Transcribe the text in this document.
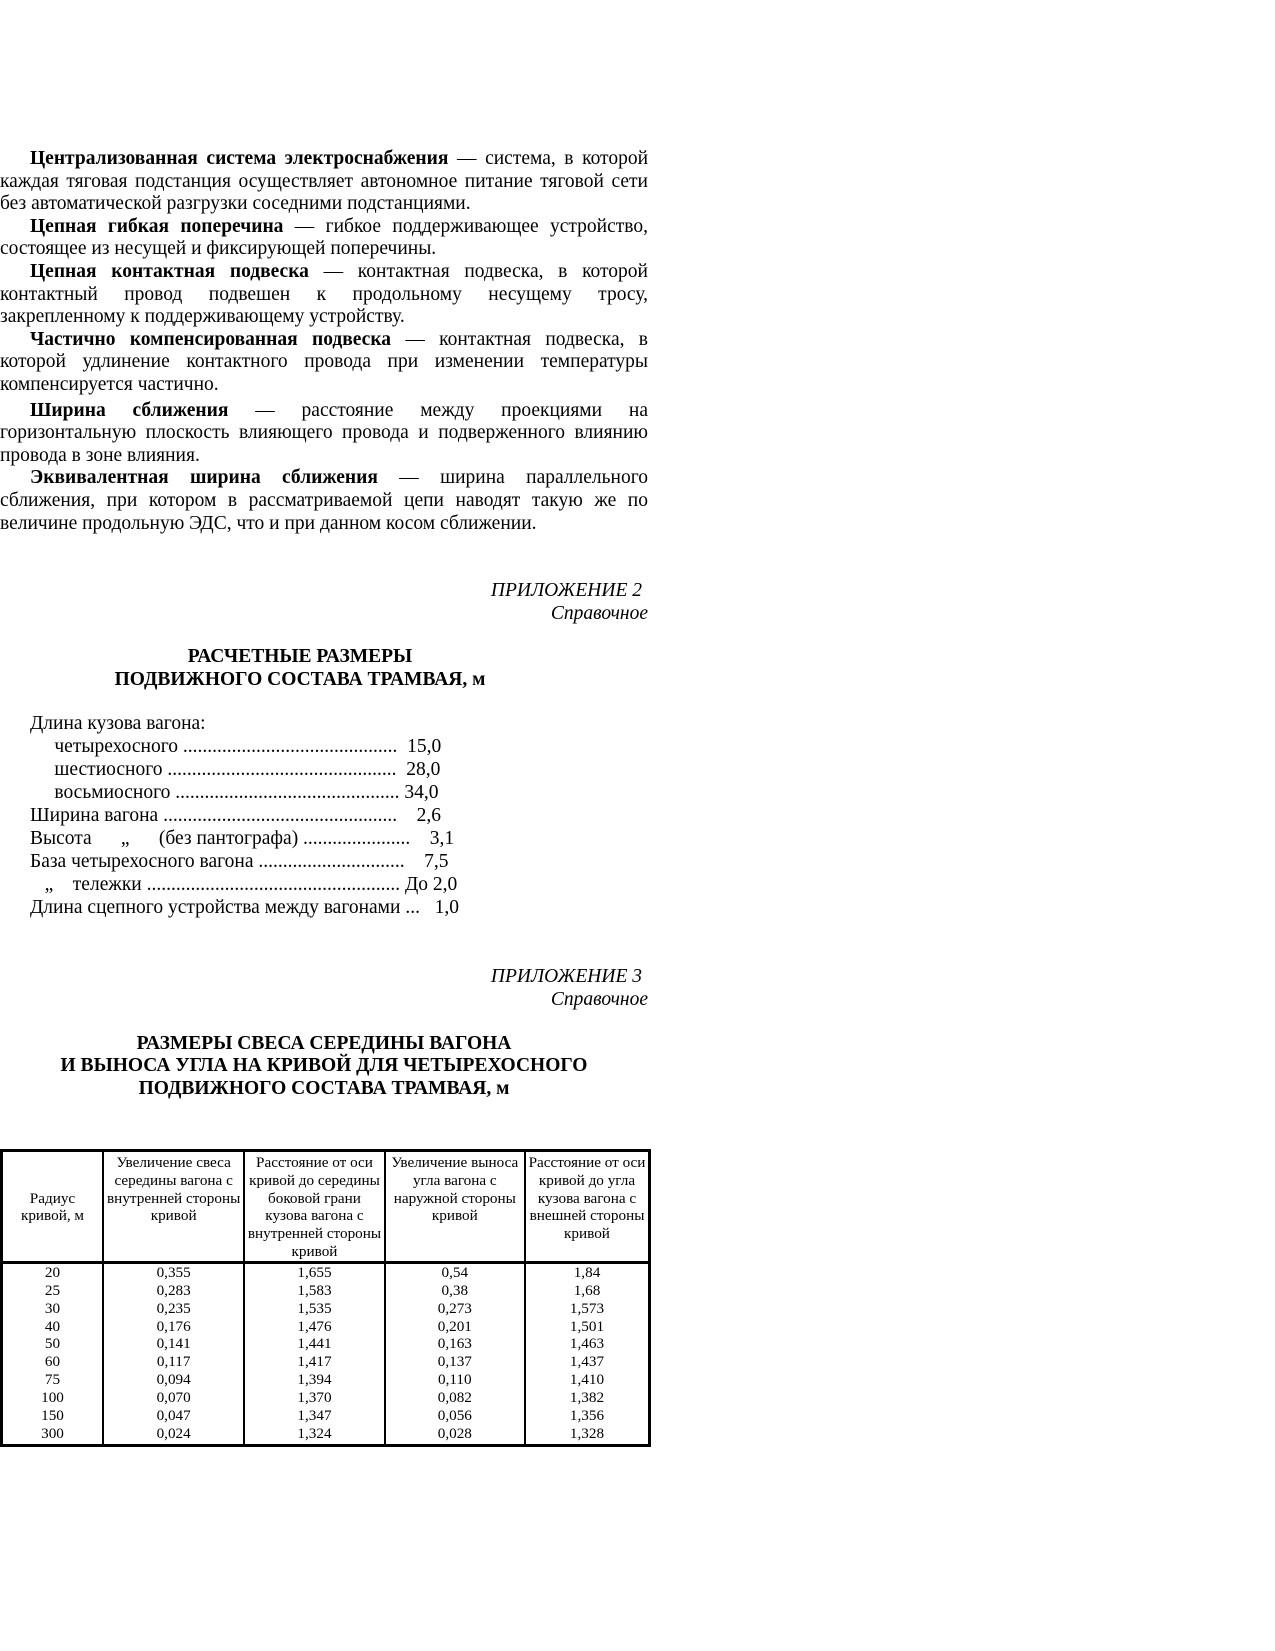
Централизованная система электроснабжения — система, в которой каждая тяговая подстанция осуществляет автономное питание тяговой сети без автоматической разгрузки соседними подстанциями.

Цепная гибкая поперечина — гибкое поддерживающее устройство, состоящее из несущей и фиксирующей поперечины.

Цепная контактная подвеска — контактная подвеска, в которой контактный провод подвешен к продольному несущему тросу, закрепленному к поддерживающему устройству.

Частично компенсированная подвеска — контактная подвеска, в которой удлинение контактного провода при изменении температуры компенсируется частично.

Ширина сближения — расстояние между проекциями на горизонтальную плоскость влияющего провода и подверженного влиянию провода в зоне влияния.

Эквивалентная ширина сближения — ширина параллельного сближения, при котором в рассматриваемой цепи наводят такую же по величине продольную ЭДС, что и при данном косом сближении.

ПРИЛОЖЕНИЕ 2
Справочное

РАСЧЕТНЫЕ РАЗМЕРЫ

ПОДВИЖНОГО СОСТАВА ТРАМВАЯ, м

Длина кузова вагона:
четырехосного ............................................  15,0
шестиосного ...............................................  28,0
восьмиосного .............................................. 34,0
Ширина вагона ................................................    2,6
Высота      „      (без пантографа) ......................    3,1
База четырехосного вагона ..............................    7,5
„    тележки .................................................... До 2,0
Длина сцепного устройства между вагонами ...   1,0
ПРИЛОЖЕНИЕ 3
Справочное

РАЗМЕРЫ СВЕСА СЕРЕДИНЫ ВАГОНА

И ВЫНОСА УГЛА НА КРИВОЙ ДЛЯ ЧЕТЫРЕХОСНОГО

ПОДВИЖНОГО СОСТАВА ТРАМВАЯ, м

Радиус кривой, м	Увеличение свеса середины вагона с внутренней стороны кривой	Расстояние от оси кривой до середины боковой грани кузова вагона с внутренней стороны кривой	Увеличение выноса угла вагона с наружной стороны кривой	Расстояние от оси кривой до угла кузова вагона с внешней стороны кривой
20	0,355	1,655	0,54	1,84
25	0,283	1,583	0,38	1,68
30	0,235	1,535	0,273	1,573
40	0,176	1,476	0,201	1,501
50	0,141	1,441	0,163	1,463
60	0,117	1,417	0,137	1,437
75	0,094	1,394	0,110	1,410
100	0,070	1,370	0,082	1,382
150	0,047	1,347	0,056	1,356
300	0,024	1,324	0,028	1,328
